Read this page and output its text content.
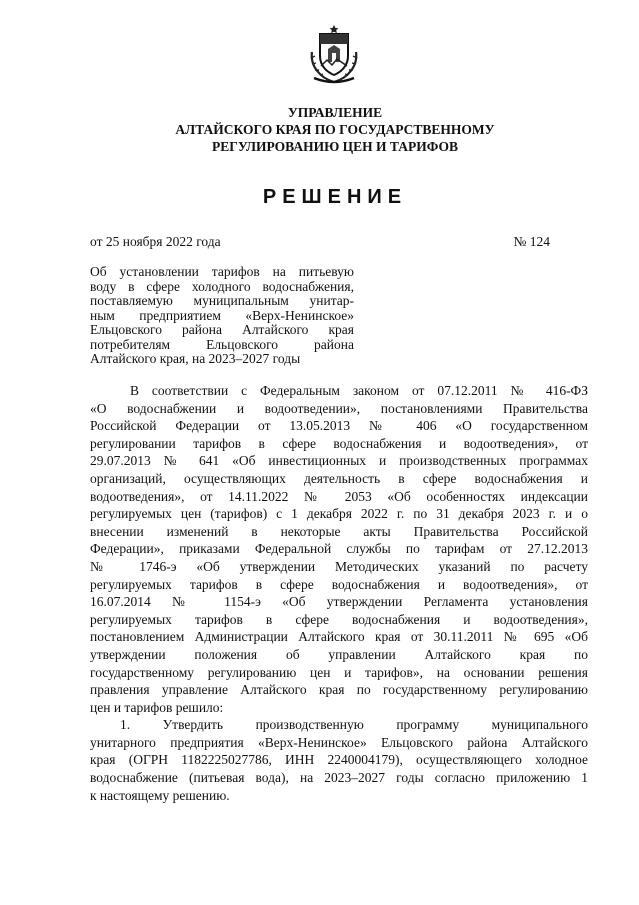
УПРАВЛЕНИЕ
АЛТАЙСКОГО КРАЯ ПО ГОСУДАРСТВЕННОМУ
РЕГУЛИРОВАНИЮ ЦЕН И ТАРИФОВ
РЕШЕНИЕ
от 25 ноября 2022 года	№ 124
Об установлении тарифов на питьевую
воду в сфере холодного водоснабжения,
поставляемую муниципальным унитар-
ным предприятием «Верх-Ненинское»
Ельцовского района Алтайского края
потребителям Ельцовского района
Алтайского края, на 2023–2027 годы
В соответствии с Федеральным законом от 07.12.2011 № 416-ФЗ
«О водоснабжении и водоотведении», постановлениями Правительства
Российской Федерации от 13.05.2013 № 406 «О государственном
регулировании тарифов в сфере водоснабжения и водоотведения», от
29.07.2013 № 641 «Об инвестиционных и производственных программах
организаций, осуществляющих деятельность в сфере водоснабжения и
водоотведения», от 14.11.2022 № 2053 «Об особенностях индексации
регулируемых цен (тарифов) с 1 декабря 2022 г. по 31 декабря 2023 г. и о
внесении изменений в некоторые акты Правительства Российской
Федерации», приказами Федеральной службы по тарифам от 27.12.2013
№ 1746-э «Об утверждении Методических указаний по расчету
регулируемых тарифов в сфере водоснабжения и водоотведения», от
16.07.2014 № 1154-э «Об утверждении Регламента установления
регулируемых тарифов в сфере водоснабжения и водоотведения»,
постановлением Администрации Алтайского края от 30.11.2011 № 695 «Об
утверждении положения об управлении Алтайского края по
государственному регулированию цен и тарифов», на основании решения
правления управление Алтайского края по государственному регулированию
цен и тарифов решило:
1. Утвердить производственную программу муниципального
унитарного предприятия «Верх-Ненинское» Ельцовского района Алтайского
края (ОГРН 1182225027786, ИНН 2240004179), осуществляющего холодное
водоснабжение (питьевая вода), на 2023–2027 годы согласно приложению 1
к настоящему решению.
